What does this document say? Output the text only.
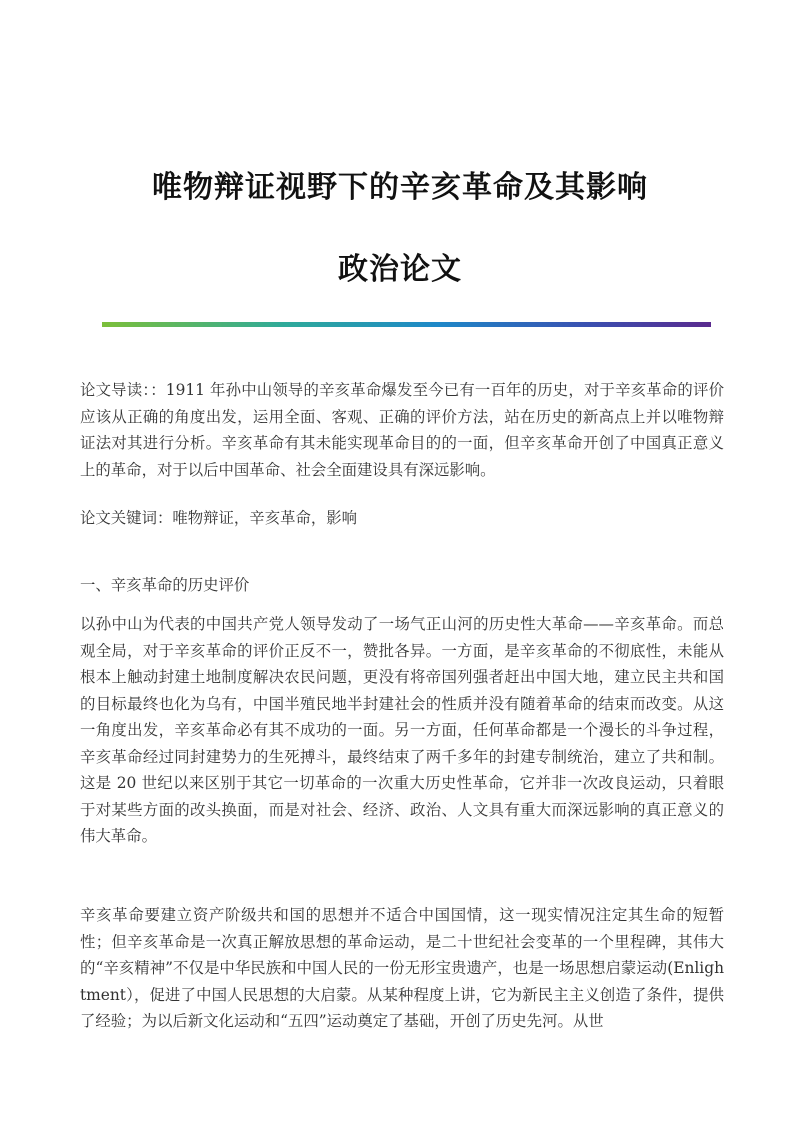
唯物辩证视野下的辛亥革命及其影响
政治论文

论文导读：：1911 年孙中山领导的辛亥革命爆发至今已有一百年的历史，对于辛亥革命的评价应该从正确的角度出发，运用全面、客观、正确的评价方法，站在历史的新高点上并以唯物辩证法对其进行分析。辛亥革命有其未能实现革命目的的一面，但辛亥革命开创了中国真正意义上的革命，对于以后中国革命、社会全面建设具有深远影响。

论文关键词：唯物辩证，辛亥革命，影响

一、辛亥革命的历史评价

以孙中山为代表的中国共产党人领导发动了一场气正山河的历史性大革命——辛亥革命。而总观全局，对于辛亥革命的评价正反不一，赞批各异。一方面，是辛亥革命的不彻底性，未能从根本上触动封建土地制度解决农民问题，更没有将帝国列强者赶出中国大地，建立民主共和国的目标最终也化为乌有，中国半殖民地半封建社会的性质并没有随着革命的结束而改变。从这一角度出发，辛亥革命必有其不成功的一面。另一方面，任何革命都是一个漫长的斗争过程，辛亥革命经过同封建势力的生死搏斗，最终结束了两千多年的封建专制统治，建立了共和制。这是 20 世纪以来区别于其它一切革命的一次重大历史性革命，它并非一次改良运动，只着眼于对某些方面的改头换面，而是对社会、经济、政治、人文具有重大而深远影响的真正意义的伟大革命。

辛亥革命要建立资产阶级共和国的思想并不适合中国国情，这一现实情况注定其生命的短暂性；但辛亥革命是一次真正解放思想的革命运动，是二十世纪社会变革的一个里程碑，其伟大的“辛亥精神”不仅是中华民族和中国人民的一份无形宝贵遗产，也是一场思想启蒙运动(Enlightment），促进了中国人民思想的大启蒙。从某种程度上讲，它为新民主主义创造了条件，提供了经验；为以后新文化运动和“五四”运动奠定了基础，开创了历史先河。从世
